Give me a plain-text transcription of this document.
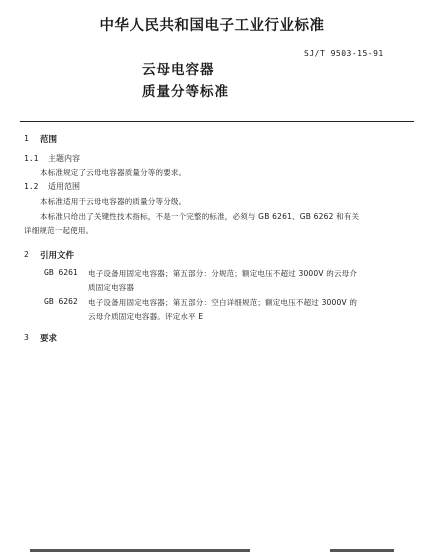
中华人民共和国电子工业行业标准
SJ/T 9503-15-91
云母电容器
质量分等标准
1 范围
1.1 主题内容
本标准规定了云母电容器质量分等的要求。
1.2 适用范围
本标准适用于云母电容器的质量分等分级。
本标准只给出了关键性技术指标，不是一个完整的标准，必须与 GB 6261、GB 6262 和有关
详细规范一起使用。
2 引用文件
GB 6261 电子设备用固定电容器；第五部分：分规范；额定电压不超过 3000V 的云母介
质固定电容器
GB 6262 电子设备用固定电容器；第五部分：空白详细规范；额定电压不超过 3000V 的
云母介质固定电容器。评定水平 E
3 要求
